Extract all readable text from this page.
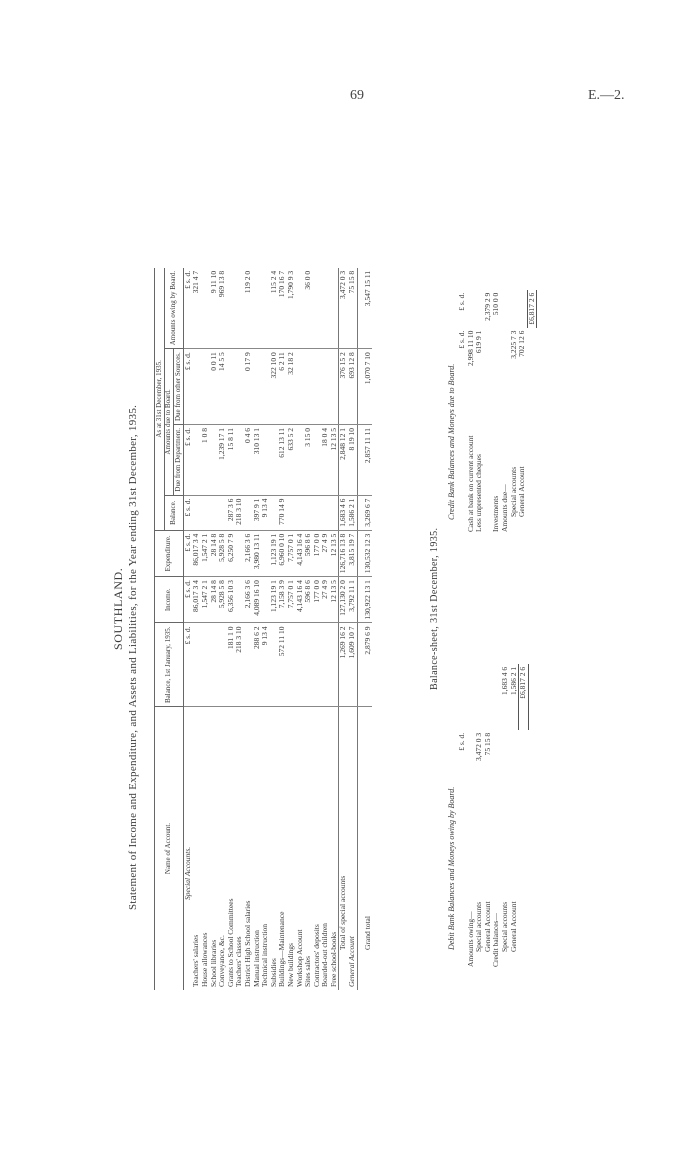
69	E.—2.
SOUTHLAND. Statement of Income and Expenditure, and Assets and Liabilities, for the Year ending 31st December, 1935.	Name of Account.	Balance, 1st January, 1935.	Income.	Expenditure.	As at 31st December, 1935.			
				Balance.	Amounts due to Board.		Amounts owing by Board.
					Due from Department.	Due from other Sources.	
Special Accounts.	£ s. d.	£ s. d.	£ s. d.	£ s. d.	£ s. d.	£ s. d.	£ s. d.
Teachers' salaries		86,017 3 4	86,017 3 4				321 4 7
House allowances		1,547 2 1	1,547 2 1		1 0 8		
School libraries		28 14 8	28 14 8			0 0 11	9 11 10
Conveyance, &c.		5,928 5 8	5,928 5 8		1,239 17 1	14 5 5	969 13 8
Grants to School Committees	181 1 0	6,356 10 3	6,250 7 9	287 3 6	15 8 11		
Teachers' classes	218 3 10			218 3 10			
District High School salaries		2,166 3 6	2,166 3 6		0 4 6	0 17 9	119 2 0
Manual instruction	288 6 2	4,089 16 10	3,980 13 11	397 9 1	310 13 1		
Technical instruction	9 13 4			9 13 4			
Subsidies		1,123 19 1	1,123 19 1			322 10 0	115 2 4
Buildings—Maintenance	572 11 10	7,158 3 9	6,960 0 10	770 14 9	612 13 11	6 2 11	170 16 7
New buildings		7,757 0 1	7,757 0 1		633 5 2	32 18 2	1,790 9 3
Workshop Account		4,143 16 4	4,143 16 4				
Sites sales		596 8 6	596 8 6		3 15 0		36 0 0
Contractors' deposits		177 0 0	177 0 0				
Boarded-out children		27 4 9	27 4 9		18 0 4		
Free school-books		12 13 5	12 13 5		12 13 5		
Total of special accounts	1,269 16 2	127,130 2 0	126,716 13 8	1,683 4 6	2,848 12 1	376 15 2	3,472 0 3
General Account	1,609 10 7	3,792 11 1	3,815 19 7	1,586 2 1	8 19 10	693 12 8	75 15 8
Grand total	2,879 6 9	130,922 13 1	130,532 12 3	3,269 6 7	2,857 11 11	1,070 7 10	3,547 15 11
Balance-sheet, 31st December, 1935.
Debit Bank Balances and Moneys owing by Board.
Credit Bank Balances and Moneys due to Board.
	£ s. d.	
Amounts owing—		
Special accounts	3,472 0 3	
General Account	75 15 8	
Credit balances—		
Special accounts		1,683 4 6
General Account		1,586 2 1
		£6,817 2 6
	£ s. d.	£ s. d.
Cash at bank on current account	2,998 11 10	
Less unpresented cheques	619 9 1	
		2,379 2 9
Investments		510 0 0
Amounts due—		
Special accounts	3,225 7 3	
General Account	702 12 6	
		£6,817 2 6
